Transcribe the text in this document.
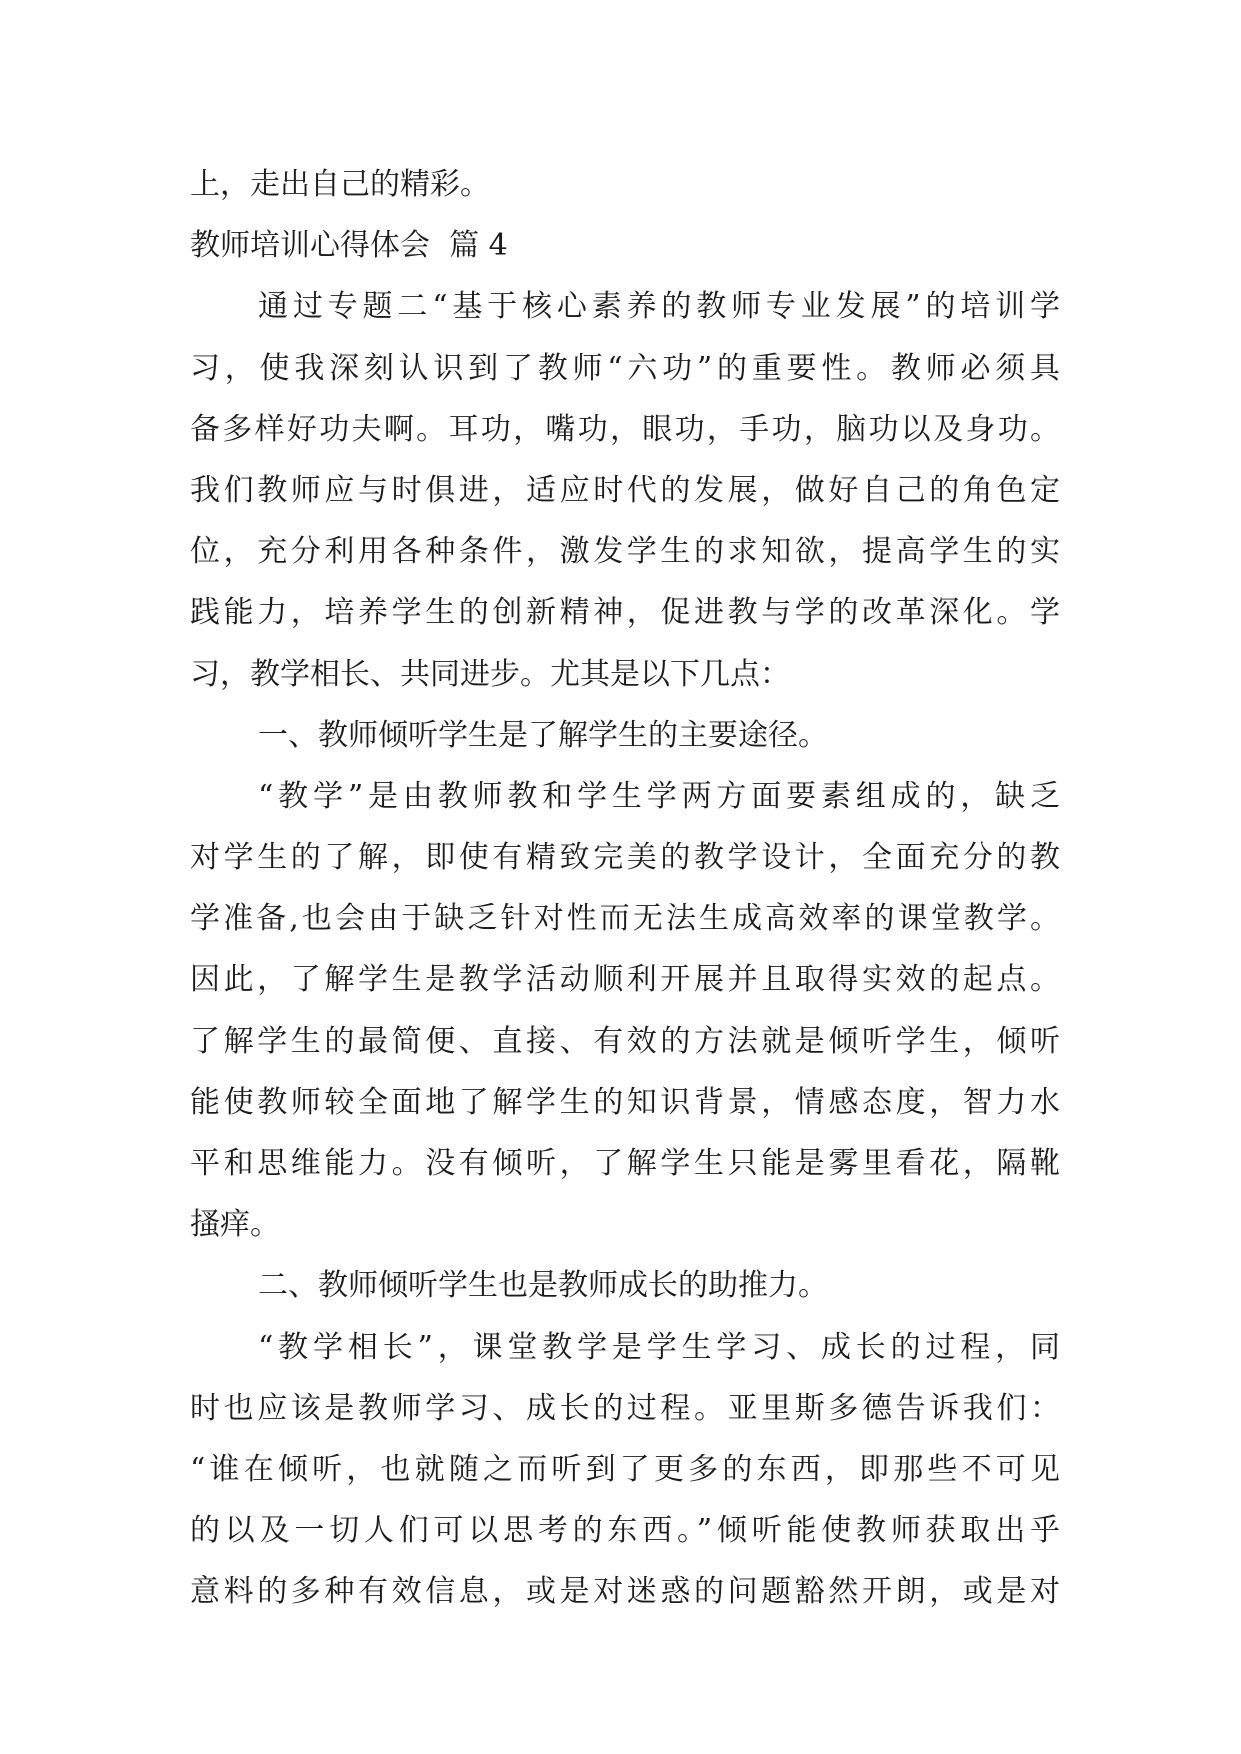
上，走出自己的精彩。
教师培训心得体会  篇 4
通过专题二“基于核心素养的教师专业发展”的培训学
习，使我深刻认识到了教师“六功”的重要性。教师必须具
备多样好功夫啊。耳功，嘴功，眼功，手功，脑功以及身功。
我们教师应与时俱进，适应时代的发展，做好自己的角色定
位，充分利用各种条件，激发学生的求知欲，提高学生的实
践能力，培养学生的创新精神，促进教与学的改革深化。学
习，教学相长、共同进步。尤其是以下几点：
一、教师倾听学生是了解学生的主要途径。
“教学”是由教师教和学生学两方面要素组成的，缺乏
对学生的了解，即使有精致完美的教学设计，全面充分的教
学准备,也会由于缺乏针对性而无法生成高效率的课堂教学。
因此，了解学生是教学活动顺利开展并且取得实效的起点。
了解学生的最简便、直接、有效的方法就是倾听学生，倾听
能使教师较全面地了解学生的知识背景，情感态度，智力水
平和思维能力。没有倾听，了解学生只能是雾里看花，隔靴
搔痒。
二、教师倾听学生也是教师成长的助推力。
“教学相长”，课堂教学是学生学习、成长的过程，同
时也应该是教师学习、成长的过程。亚里斯多德告诉我们：
“谁在倾听，也就随之而听到了更多的东西，即那些不可见
的以及一切人们可以思考的东西。”倾听能使教师获取出乎
意料的多种有效信息，或是对迷惑的问题豁然开朗，或是对
